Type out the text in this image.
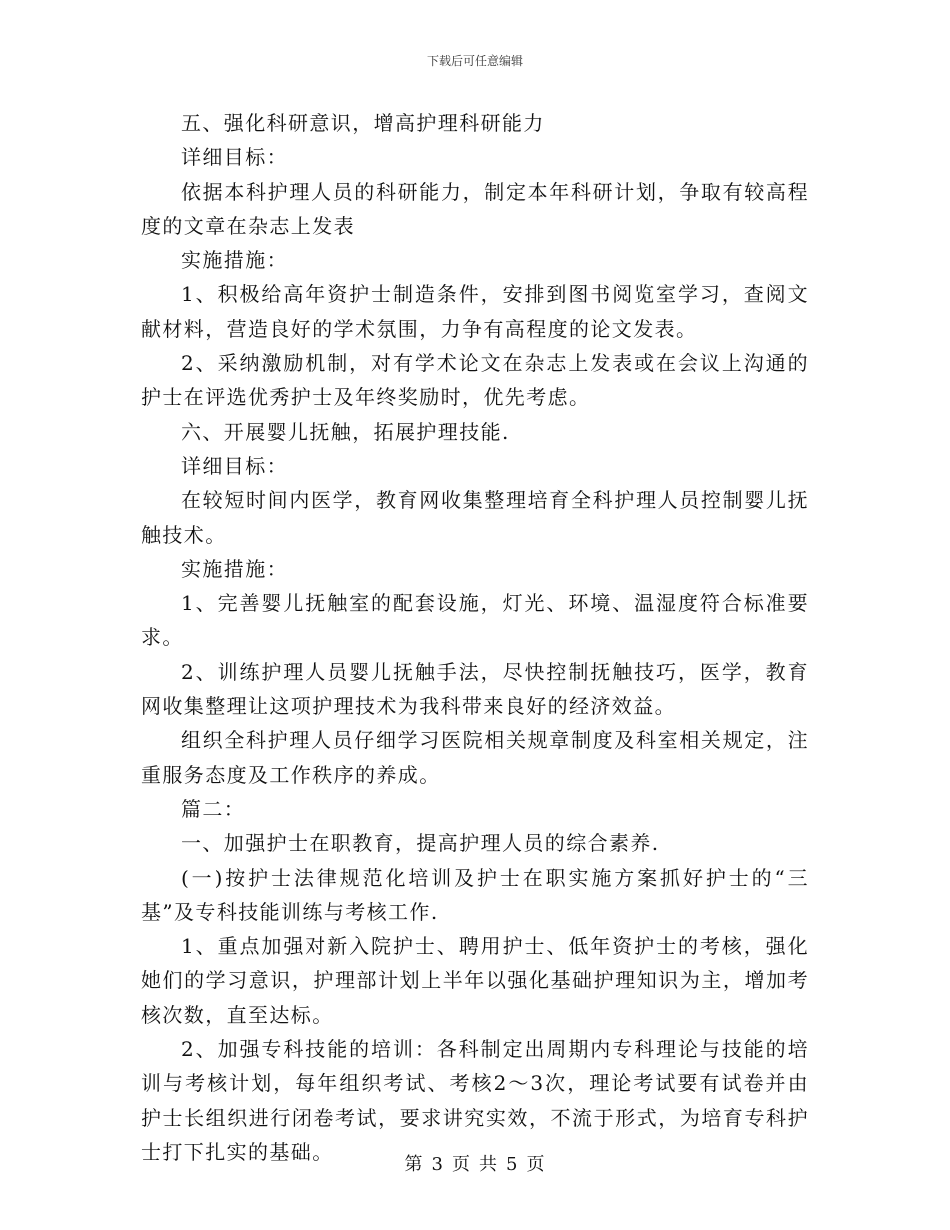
下载后可任意编辑

五、强化科研意识，增高护理科研能力

详细目标：

依据本科护理人员的科研能力，制定本年科研计划，争取有较高程度的文章在杂志上发表

实施措施：

1、积极给高年资护士制造条件，安排到图书阅览室学习，查阅文献材料，营造良好的学术氛围，力争有高程度的论文发表。

2、采纳激励机制，对有学术论文在杂志上发表或在会议上沟通的护士在评选优秀护士及年终奖励时，优先考虑。

六、开展婴儿抚触，拓展护理技能.

详细目标：

在较短时间内医学，教育网收集整理培育全科护理人员控制婴儿抚触技术。

实施措施：

1、完善婴儿抚触室的配套设施，灯光、环境、温湿度符合标准要求。

2、训练护理人员婴儿抚触手法，尽快控制抚触技巧，医学，教育网收集整理让这项护理技术为我科带来良好的经济效益。

组织全科护理人员仔细学习医院相关规章制度及科室相关规定，注重服务态度及工作秩序的养成。

篇二：

一、加强护士在职教育，提高护理人员的综合素养.

(一)按护士法律规范化培训及护士在职实施方案抓好护士的“三基”及专科技能训练与考核工作.

1、重点加强对新入院护士、聘用护士、低年资护士的考核，强化她们的学习意识，护理部计划上半年以强化基础护理知识为主，增加考核次数，直至达标。

2、加强专科技能的培训：各科制定出周期内专科理论与技能的培训与考核计划，每年组织考试、考核2～3次，理论考试要有试卷并由护士长组织进行闭卷考试，要求讲究实效，不流于形式，为培育专科护士打下扎实的基础。

第 3 页 共 5 页
